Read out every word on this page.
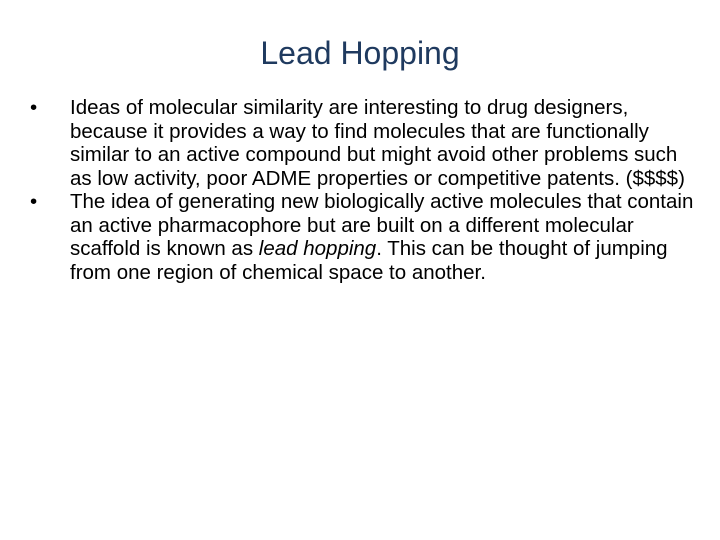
Lead Hopping
•	Ideas of molecular similarity are interesting to drug designers, because it provides a way to find molecules that are functionally similar to an active compound but might avoid other problems such as low activity, poor ADME properties or competitive patents. ($$$$)
•	The idea of generating new biologically active molecules that contain an active pharmacophore but are built on a different molecular scaffold is known as lead hopping. This can be thought of jumping from one region of chemical space to another.
